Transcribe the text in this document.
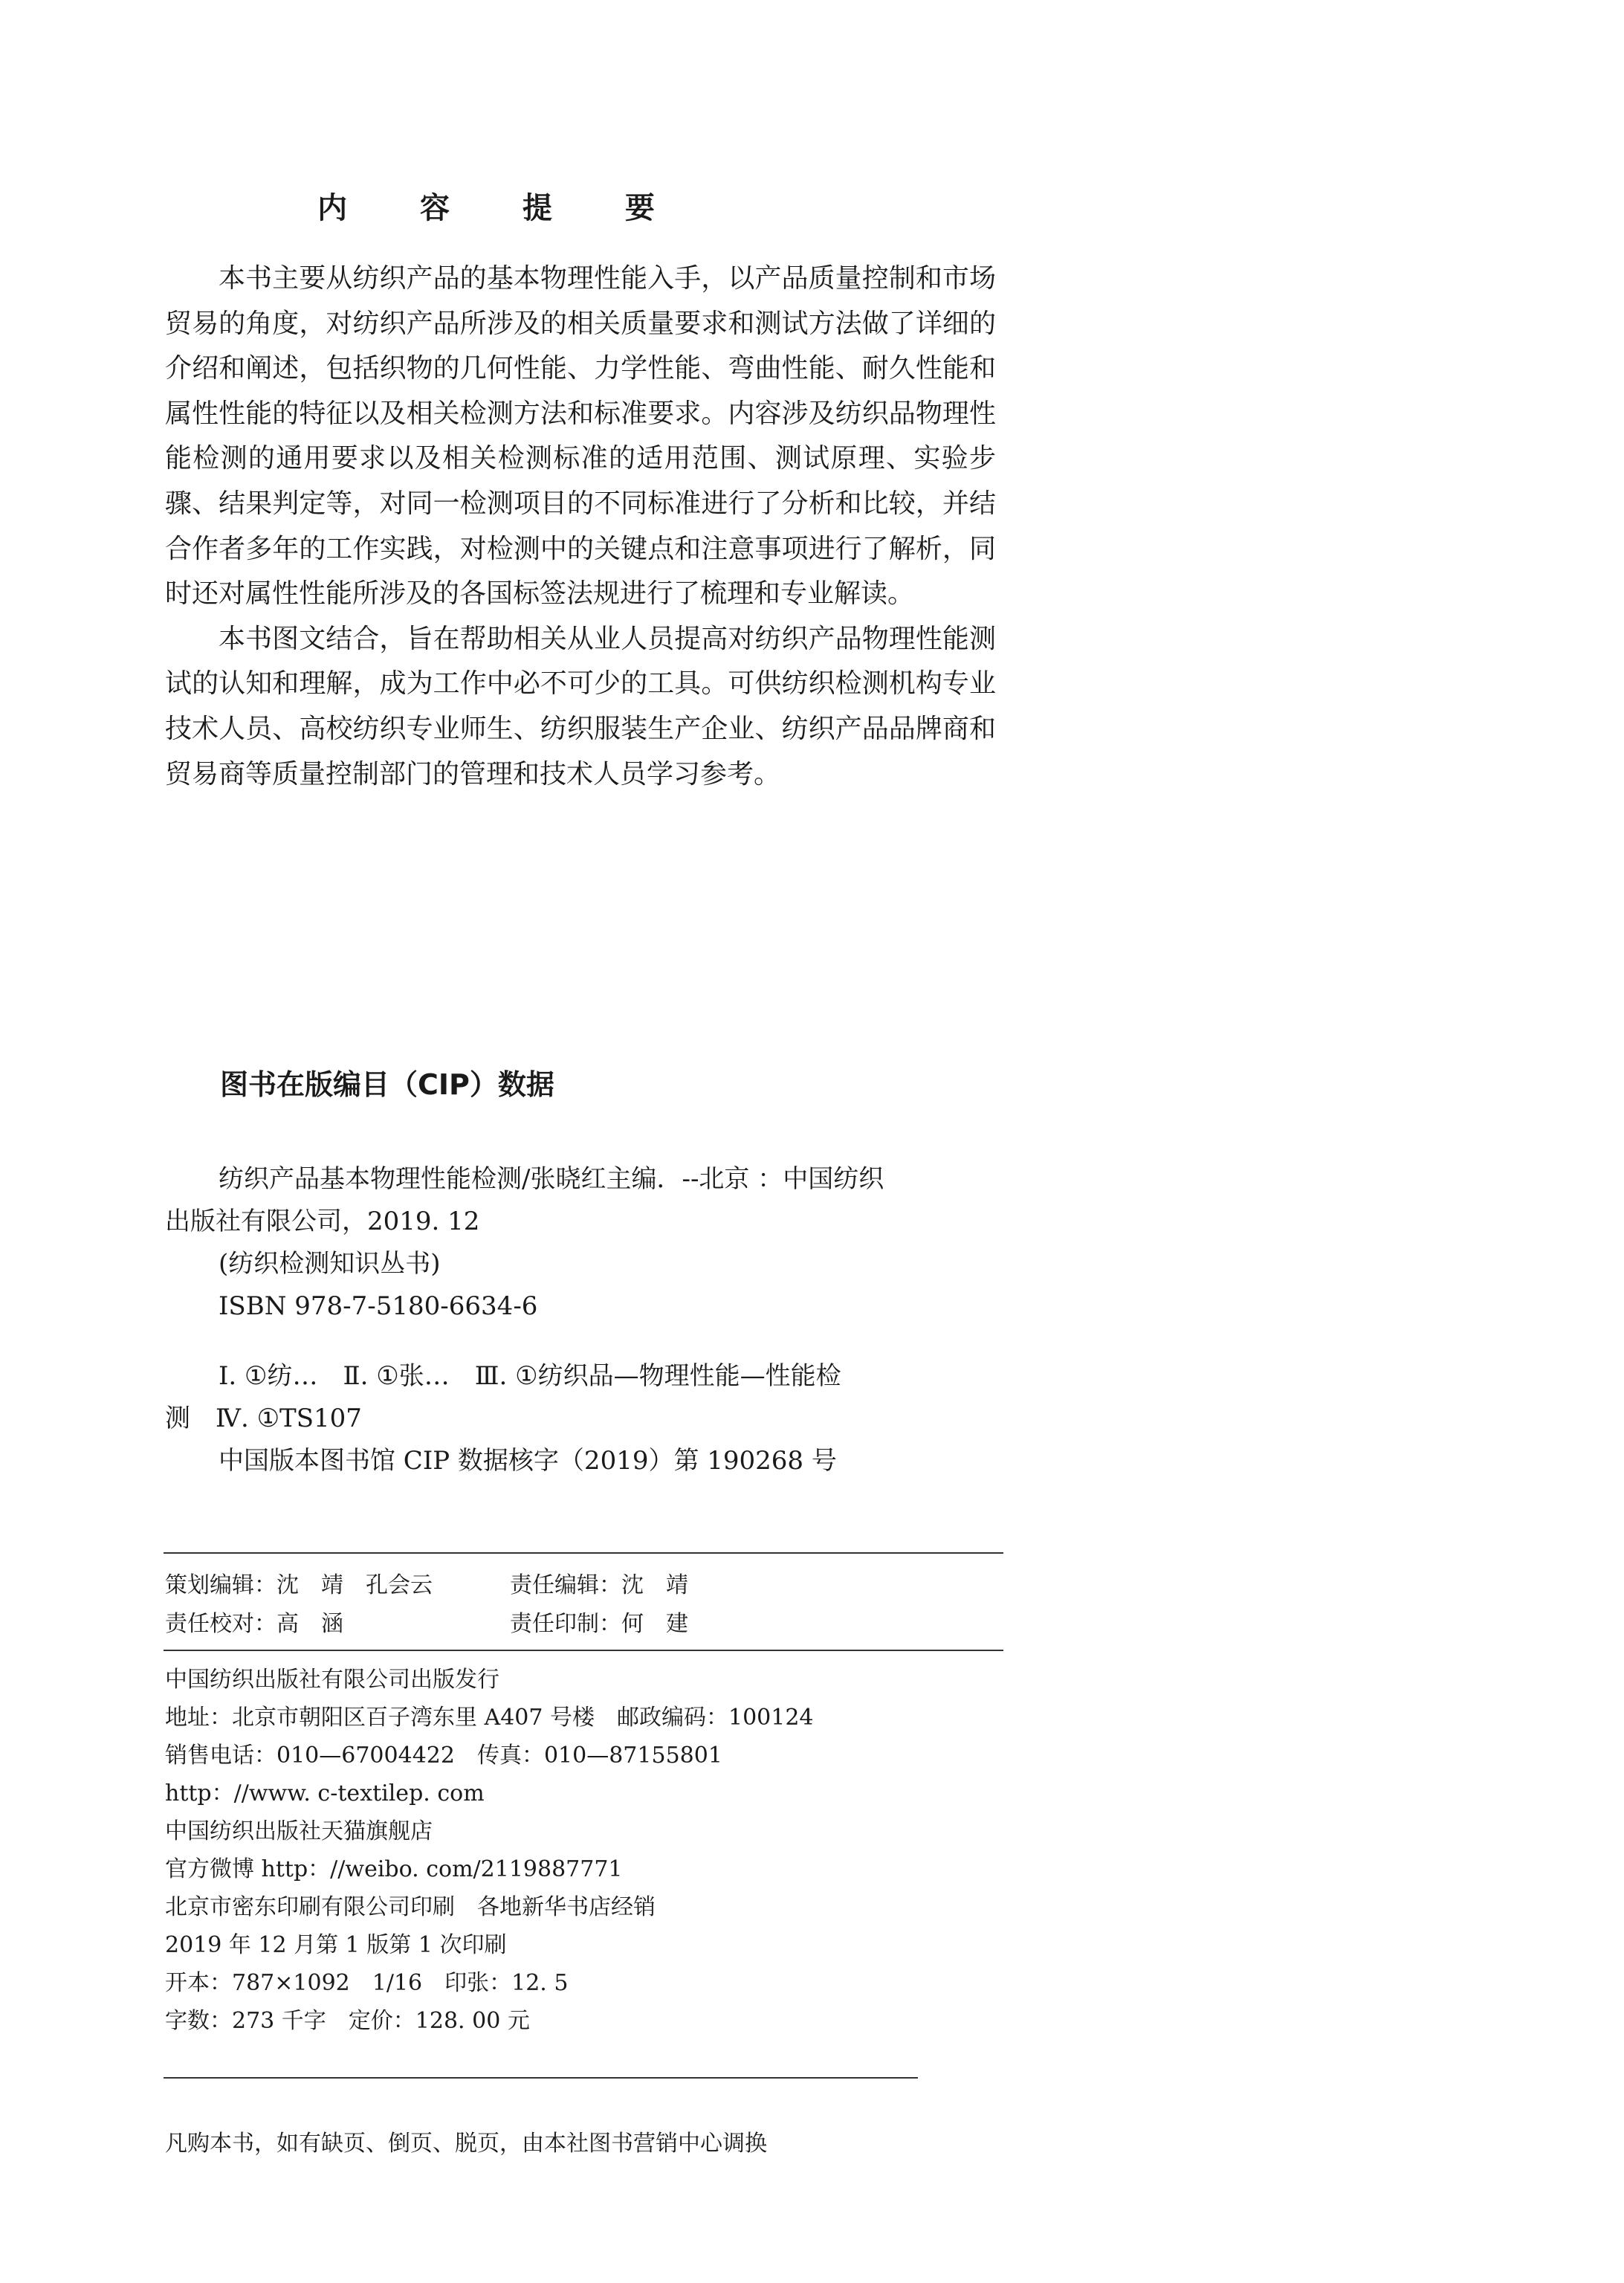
内 容 提 要

本书主要从纺织产品的基本物理性能入手，以产品质量控制和市场贸易的角度，对纺织产品所涉及的相关质量要求和测试方法做了详细的介绍和阐述，包括织物的几何性能、力学性能、弯曲性能、耐久性能和属性性能的特征以及相关检测方法和标准要求。内容涉及纺织品物理性能检测的通用要求以及相关检测标准的适用范围、测试原理、实验步骤、结果判定等，对同一检测项目的不同标准进行了分析和比较，并结合作者多年的工作实践，对检测中的关键点和注意事项进行了解析，同时还对属性性能所涉及的各国标签法规进行了梳理和专业解读。

本书图文结合，旨在帮助相关从业人员提高对纺织产品物理性能测试的认知和理解，成为工作中必不可少的工具。可供纺织检测机构专业技术人员、高校纺织专业师生、纺织服装生产企业、纺织产品品牌商和贸易商等质量控制部门的管理和技术人员学习参考。

图书在版编目（CIP）数据
纺织产品基本物理性能检测/张晓红主编．--北京 ：中国纺织
出版社有限公司，2019. 12
(纺织检测知识丛书)
ISBN 978-7-5180-6634-6
Ⅰ. ①纺…　Ⅱ. ①张…　Ⅲ. ①纺织品—物理性能—性能检
测　Ⅳ. ①TS107
中国版本图书馆 CIP 数据核字（2019）第 190268 号
策划编辑：沈　靖　孔会云	责任编辑：沈　靖
责任校对：高　涵	责任印制：何　建
中国纺织出版社有限公司出版发行
地址：北京市朝阳区百子湾东里 A407 号楼　邮政编码：100124
销售电话：010—67004422　传真：010—87155801
http：//www. c-textilep. com
中国纺织出版社天猫旗舰店
官方微博 http：//weibo. com/2119887771
北京市密东印刷有限公司印刷　各地新华书店经销
2019 年 12 月第 1 版第 1 次印刷
开本：787×1092　1/16　印张：12. 5
字数：273 千字　定价：128. 00 元
凡购本书，如有缺页、倒页、脱页，由本社图书营销中心调换
